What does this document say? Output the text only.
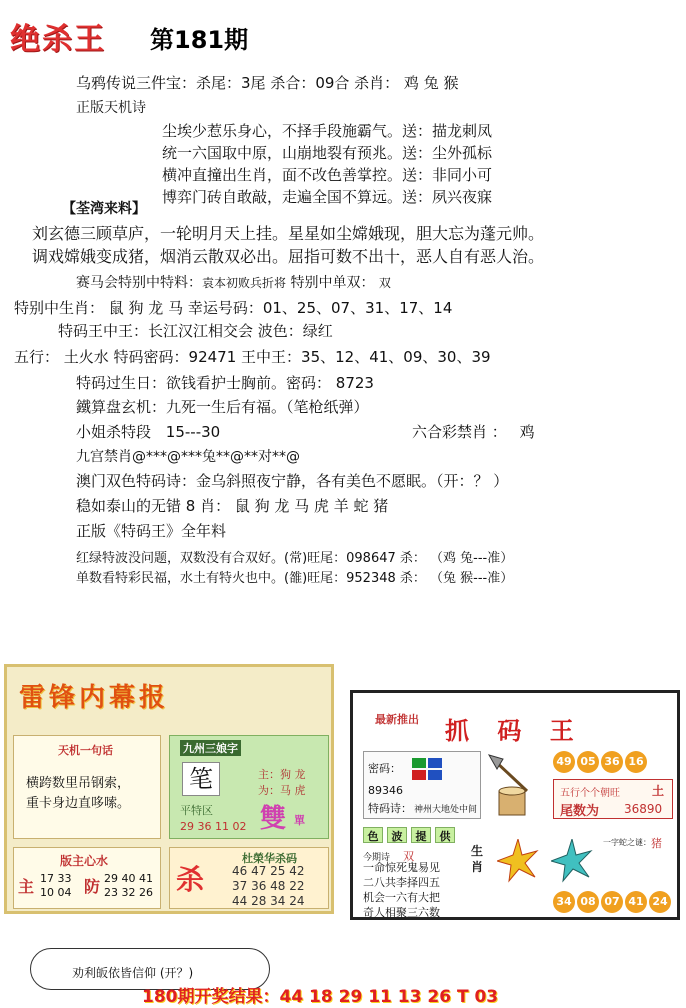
绝杀王 第181期
乌鸦传说三件宝：杀尾：3尾 杀合：09合 杀肖： 鸡 兔 猴
正版天机诗
尘埃少惹乐身心，不择手段施霸气。送：描龙刺凤
统一六国取中原，山崩地裂有预兆。送：尘外孤标
横冲直撞出生肖，面不改色善掌控。送：非同小可
博弈门砖自敢敲，走遍全国不算远。送：夙兴夜寐
【荃湾来料】
刘玄德三顾草庐，一轮明月天上挂。星星如尘嫦娥现，胆大忘为蓬元帅。
调戏嫦娥变成猪，烟消云散双必出。屈指可数不出十，恶人自有恶人治。
赛马会特别中特料：袁本初败兵折将 特别中单双： 双
特别中生肖： 鼠 狗 龙 马 幸运号码：01、25、07、31、17、14
特码王中王：长江汉江相交会 波色：绿红
五行： 土火水 特码密码：92471 王中王：35、12、41、09、30、39
特码过生日：欲钱看护士胸前。密码： 8723
鐵算盘玄机：九死一生后有福。（笔枪纸弹）
小姐杀特段 15---30	六合彩禁肖 ： 鸡
九宫禁肖@***@***兔**@**对**@
澳门双色特码诗：金乌斜照夜宁静，各有美色不愿眠。（开：？ ）
稳如泰山的无错 8 肖： 鼠 狗 龙 马 虎 羊 蛇 猪
正版《特码王》全年料
红绿特波没问题，双数没有合双好。(常)旺尾：098647 杀： （鸡 兔---准）
单数看特彩民福，水土有特火也中。(雒)旺尾：952348 杀： （兔 猴---准）
雷锋内幕报
天机一句话
横跨数里吊钢索，
重卡身边直哆嗦。
九州三娘字
笔	主：狗 龙
为：马 虎
雙 單
平特区
29 36 11 02
版主心水
主 17 33
10 04 防 29 40 41
23 32 26 杀
杜榮华杀码
46 47 25 42
37 36 48 22
44 28 34 24
最新推出 抓 码 王
密码：
89346
特码诗： 神州大地处中间
49 05 36 16
五行个个朝旺	土
尾数为 36890
色 波 提 供
今期诗 双
一命惊死鬼易见
二八共李择四五
机会一六有大把
奇人相聚三六数
生肖
一字蛇之谜： 猪
34 08 07 41 24
劝利皈依皆信仰 (开？)
180期开奖结果：44 18 29 11 13 26 T 03
